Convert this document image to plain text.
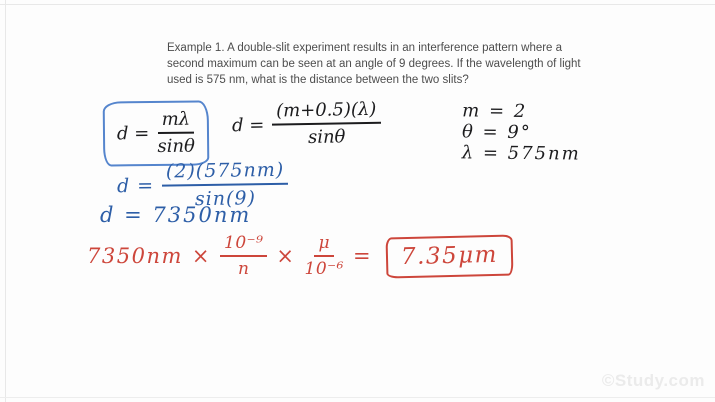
Example 1. A double-slit experiment results in an interference pattern where a
second maximum can be seen at an angle of 9 degrees. If the wavelength of light
used is 575 nm, what is the distance between the two slits?
$d = \frac{m\lambda}{\sin\theta}$ $d = \frac{(m+0.5)(\lambda)}{\sin\theta}$	m = 2
θ = 9°
λ = 575nm
$d = \frac{(2)(575nm)}{\sin(9)}$
d = 7350nm
$7350nm \times \frac{\text{10⁻⁹}}{n} \times \frac{\mu}{\text{10⁻⁶}}$ =	7.35μm
©Study.com
